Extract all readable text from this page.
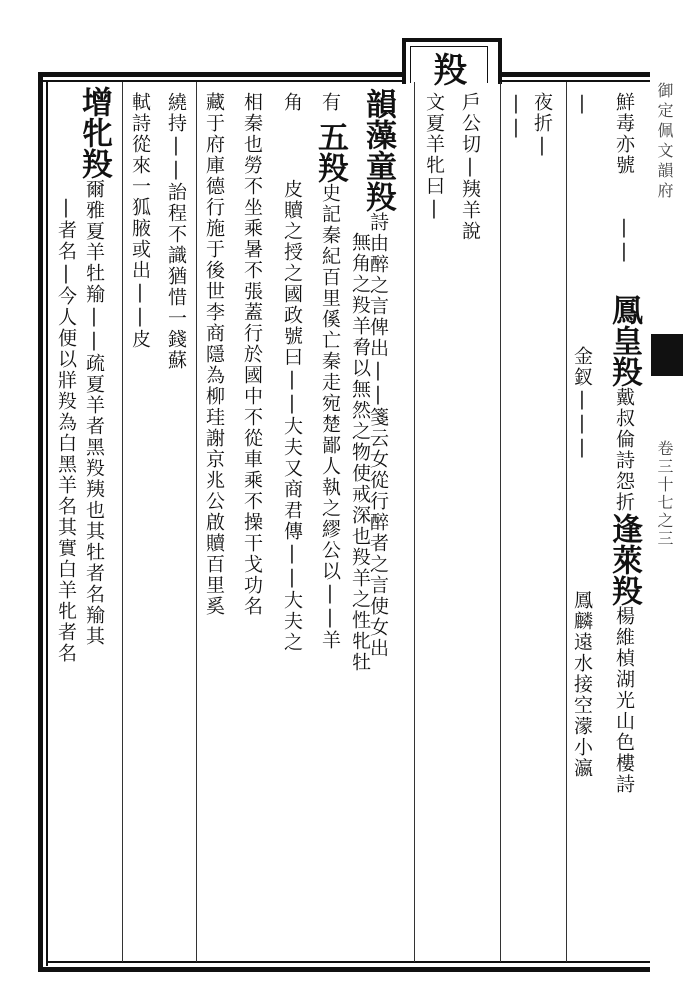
羖
御定佩文韻府
卷三十七之三
鮮毒亦號||鳳皇羖戴叔倫詩怨折逢萊羖楊維楨湖光山色樓詩
|金釵|||鳳麟遠水接空濛小瀛
夜折|
||
戶公切|羠羊說
文夏羊牝曰|
韻藻童羖詩由醉之言俾出||箋云女從行醉者之言使女出
無角之羖羊脅以無然之物使戒深也羖羊之性牝牡
有五羖史記秦紀百里傒亡秦走宛楚鄙人執之繆公以||羊
角皮贖之授之國政號曰||大夫又商君傳||大夫之
相秦也勞不坐乘暑不張蓋行於國中不從車乘不操干戈功名
藏于府庫德行施于後世李商隱為柳珪謝京兆公啟贖百里奚
繞持||詒程不識猶惜一錢蘇
軾詩從來一狐腋或出||皮
增牝羖爾雅夏羊牡羭||疏夏羊者黑羖羠也其牡者名羭其
|者名|今人便以牂羖為白黑羊名其實白羊牝者名
